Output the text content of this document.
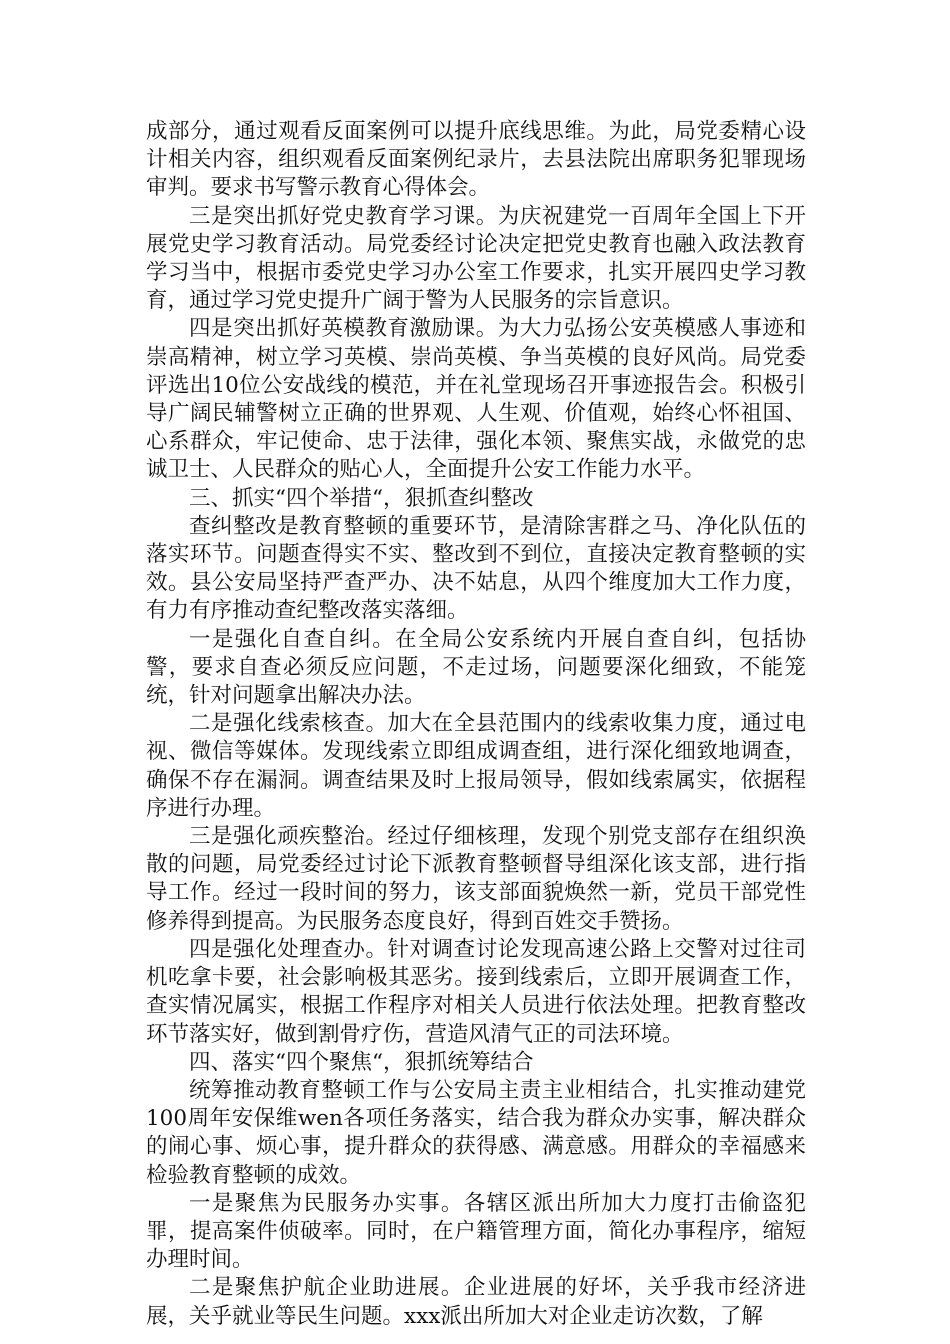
成部分，通过观看反面案例可以提升底线思维。为此，局党委精心设计相关内容，组织观看反面案例纪录片，去县法院出席职务犯罪现场审判。要求书写警示教育心得体会。

三是突出抓好党史教育学习课。为庆祝建党一百周年全国上下开展党史学习教育活动。局党委经讨论决定把党史教育也融入政法教育学习当中，根据市委党史学习办公室工作要求，扎实开展四史学习教育，通过学习党史提升广阔于警为人民服务的宗旨意识。

四是突出抓好英模教育激励课。为大力弘扬公安英模感人事迹和崇高精神，树立学习英模、崇尚英模、争当英模的良好风尚。局党委评选出10位公安战线的模范，并在礼堂现场召开事迹报告会。积极引导广阔民辅警树立正确的世界观、人生观、价值观，始终心怀祖国、心系群众，牢记使命、忠于法律，强化本领、聚焦实战，永做党的忠诚卫士、人民群众的贴心人，全面提升公安工作能力水平。

三、抓实“四个举措“，狠抓查纠整改

查纠整改是教育整顿的重要环节，是清除害群之马、净化队伍的落实环节。问题查得实不实、整改到不到位，直接决定教育整顿的实效。县公安局坚持严查严办、决不姑息，从四个维度加大工作力度，有力有序推动查纪整改落实落细。

一是强化自查自纠。在全局公安系统内开展自查自纠，包括协警，要求自查必须反应问题，不走过场，问题要深化细致，不能笼统，针对问题拿出解决办法。

二是强化线索核查。加大在全县范围内的线索收集力度，通过电视、微信等媒体。发现线索立即组成调查组，进行深化细致地调查，确保不存在漏洞。调查结果及时上报局领导，假如线索属实，依据程序进行办理。

三是强化顽疾整治。经过仔细核理，发现个别党支部存在组织涣散的问题，局党委经过讨论下派教育整顿督导组深化该支部，进行指导工作。经过一段时间的努力，该支部面貌焕然一新，党员干部党性修养得到提高。为民服务态度良好，得到百姓交手赞扬。

四是强化处理查办。针对调查讨论发现高速公路上交警对过往司机吃拿卡要，社会影响极其恶劣。接到线索后，立即开展调查工作，查实情况属实，根据工作程序对相关人员进行依法处理。把教育整改环节落实好，做到割骨疗伤，营造风清气正的司法环境。

四、落实“四个聚焦“，狠抓统筹结合

统筹推动教育整顿工作与公安局主责主业相结合，扎实推动建党100周年安保维wen各项任务落实，结合我为群众办实事，解决群众的闹心事、烦心事，提升群众的获得感、满意感。用群众的幸福感来检验教育整顿的成效。

一是聚焦为民服务办实事。各辖区派出所加大力度打击偷盗犯罪，提高案件侦破率。同时，在户籍管理方面，简化办事程序，缩短办理时间。

二是聚焦护航企业助进展。企业进展的好坏，关乎我市经济进展，关乎就业等民生问题。xxx派出所加大对企业走访次数，了解
